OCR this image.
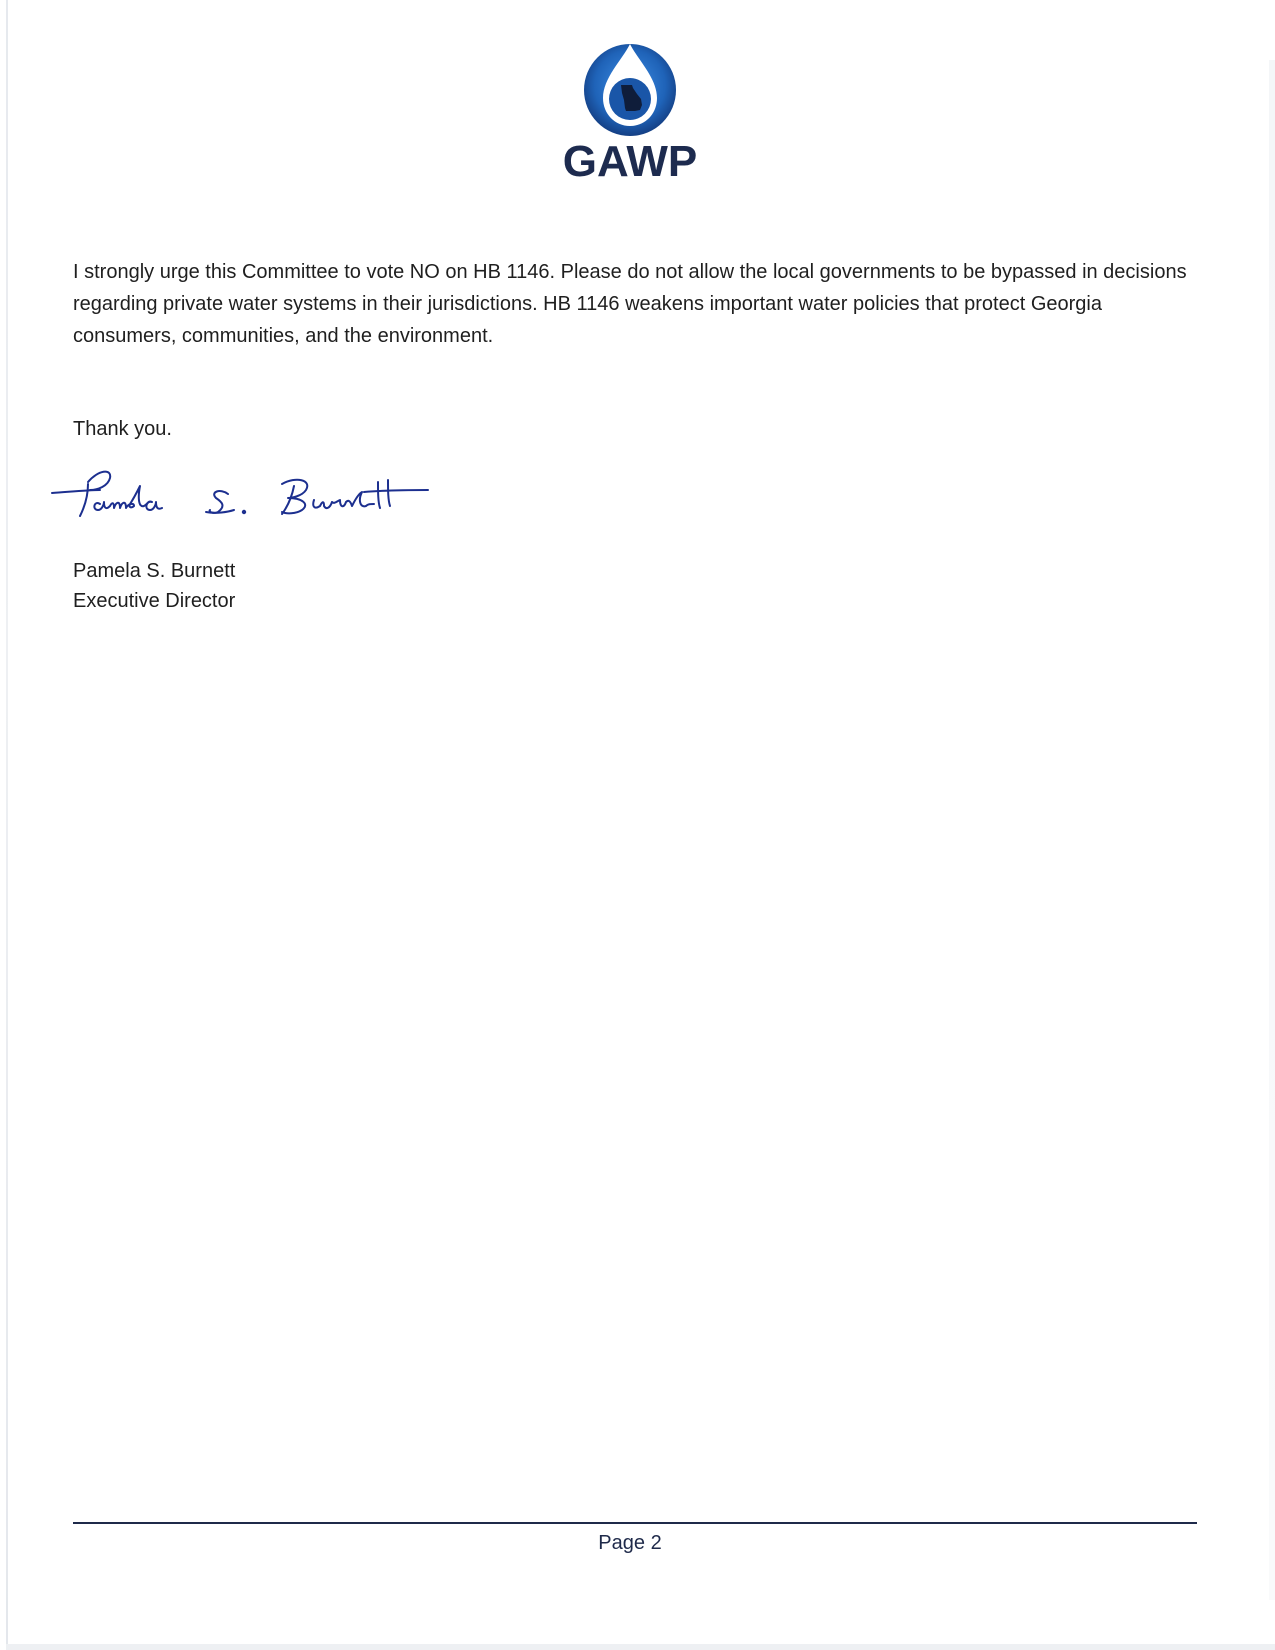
GAWP

I strongly urge this Committee to vote NO on HB 1146. Please do not allow the local governments to be bypassed in decisions regarding private water systems in their jurisdictions. HB 1146 weakens important water policies that protect Georgia consumers, communities, and the environment.

Thank you.

Pamela S. Burnett

Executive Director

Page 2
